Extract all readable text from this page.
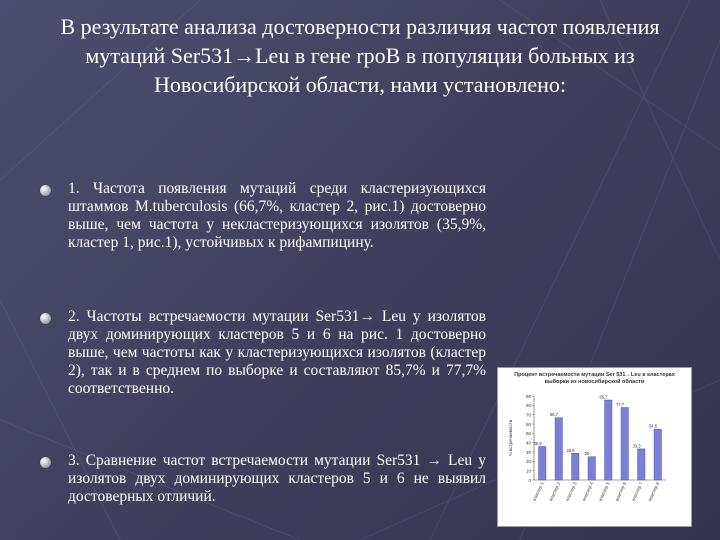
В результате анализа достоверности различия частот появления мутаций Ser531→Leu в гене rpoB в популяции больных из Новосибирской области, нами установлено:
1. Частота появления мутаций среди кластеризующихся штаммов M.tuberculosis (66,7%, кластер 2, рис.1) достоверно выше, чем частота у некластеризующихся изолятов (35,9%, кластер 1, рис.1), устойчивых к рифампицину.
2. Частоты встречаемости мутации Ser531→ Leu у изолятов двух доминирующих кластеров 5 и 6 на рис. 1 достоверно выше, чем частоты как у кластеризующихся изолятов (кластер 2), так и в среднем по выборке и составляют 85,7% и 77,7% соответственно.
3. Сравнение частот встречаемости мутации Ser531 → Leu у изолятов двух доминирующих кластеров 5 и 6 не выявил достоверных отличий.
Процент встречаемости мутации Ser 531→Leu в кластерах выборки из новосибирской области
0
10
20
30
40
50
60
70
80
90
% встречаемости	35,9
кластер 1
66,7
кластер 2
28,6
кластер 3
25
кластер 4
85,7
кластер 5
77,7
кластер 6
33,3
кластер 7
54,5
кластер 8
